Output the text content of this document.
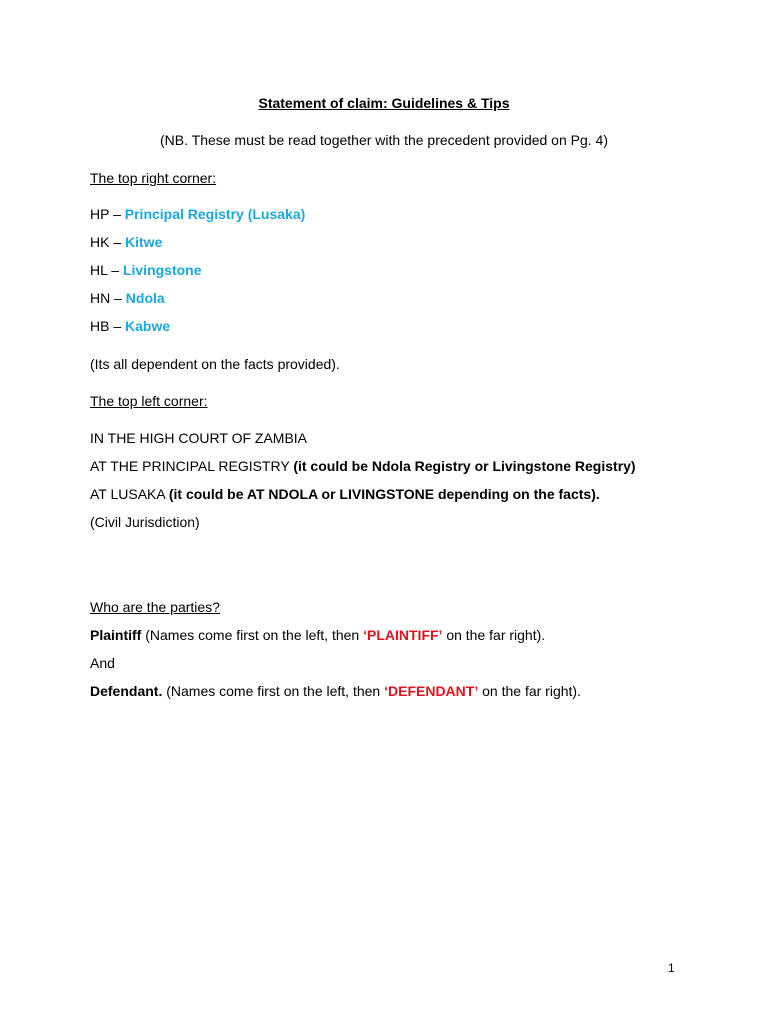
Statement of claim: Guidelines & Tips
(NB. These must be read together with the precedent provided on Pg. 4)
The top right corner:
HP – Principal Registry (Lusaka)
HK – Kitwe
HL – Livingstone
HN – Ndola
HB – Kabwe
(Its all dependent on the facts provided).
The top left corner:
IN THE HIGH COURT OF ZAMBIA
AT THE PRINCIPAL REGISTRY (it could be Ndola Registry or Livingstone Registry)
AT LUSAKA (it could be AT NDOLA or LIVINGSTONE depending on the facts).
(Civil Jurisdiction)
Who are the parties?
Plaintiff (Names come first on the left, then ‘PLAINTIFF’ on the far right).
And
Defendant. (Names come first on the left, then ‘DEFENDANT’ on the far right).
1
